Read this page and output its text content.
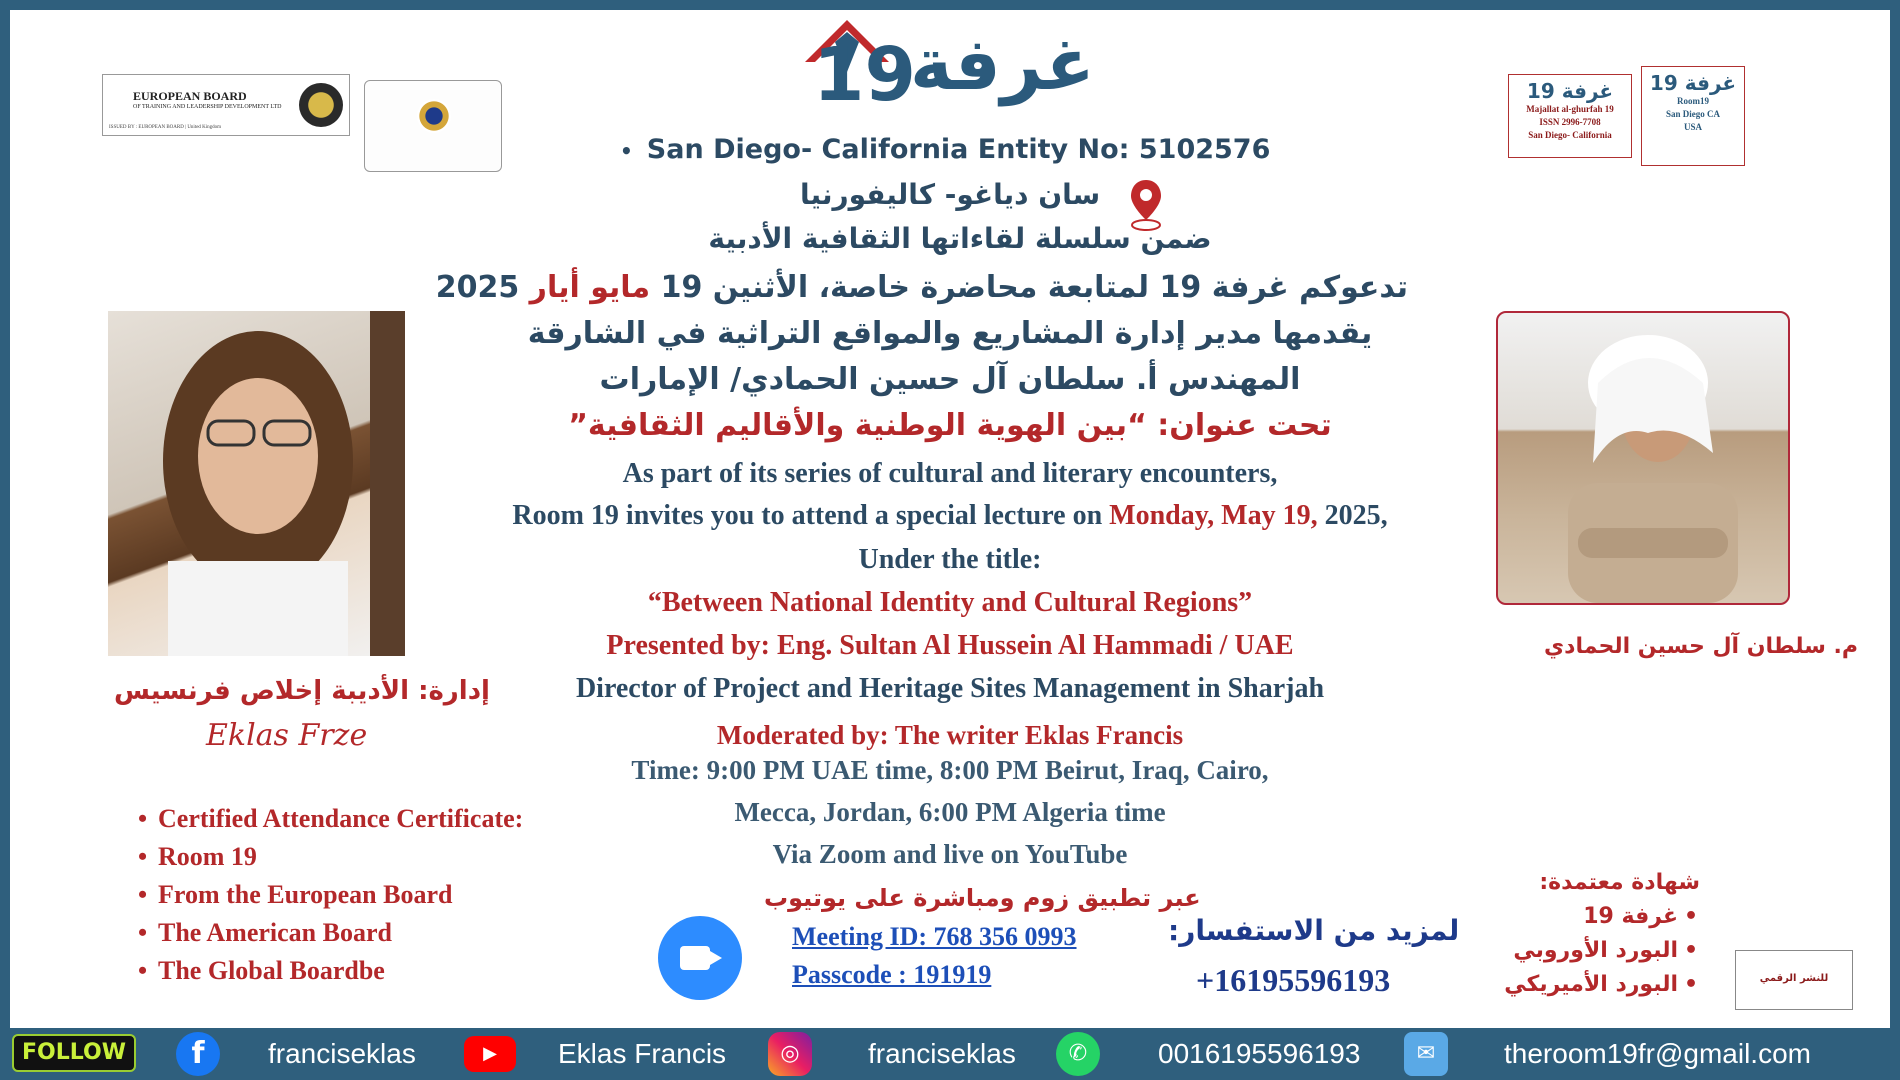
19
غرفة
EUROPEAN BOARD
OF TRAINING AND LEADERSHIP DEVELOPMENT LTD
ISSUED BY : EUROPEAN BOARD | United Kingdom
غرفة 19
Majallat al-ghurfah 19
ISSN 2996-7708
San Diego- California
غرفة 19
Room19
San Diego CA
USA
• San Diego- California Entity No: 5102576
سان دياغو- كاليفورنيا
ضمن سلسلة لقاءاتها الثقافية الأدبية
تدعوكم غرفة 19 لمتابعة محاضرة خاصة، الأثنين 19 مايو أيار 2025
يقدمها مدير إدارة المشاريع والمواقع التراثية في الشارقة
المهندس أ. سلطان آل حسين الحمادي/ الإمارات
تحت عنوان: “بين الهوية الوطنية والأقاليم الثقافية”
As part of its series of cultural and literary encounters,
Room 19 invites you to attend a special lecture on Monday, May 19, 2025,
Under the title:
“Between National Identity and Cultural Regions”
Presented by: Eng. Sultan Al Hussein Al Hammadi / UAE
Director of Project and Heritage Sites Management in Sharjah
Moderated by: The writer Eklas Francis
Time: 9:00 PM UAE time, 8:00 PM Beirut, Iraq, Cairo,
Mecca, Jordan, 6:00 PM Algeria time
Via Zoom and live on YouTube
عبر تطبيق زوم ومباشرة على يوتيوب
Meeting ID: 768 356 0993
Passcode : 191919
لمزيد من الاستفسار:
+16195596193
م. سلطان آل حسين الحمادي
إدارة: الأديبة إخلاص فرنسيس
Eklas Frze
• Certified Attendance Certificate:
• Room 19
• From the European Board
• The American Board
• The Global Boardbe
شهادة معتمدة:
• غرفة 19
• البورد الأوروبي
• البورد الأميريكي	للنشر الرقمي
FOLLOW	f	franciseklas	▶	Eklas Francis	◎	franciseklas	✆	0016195596193	✉	theroom19fr@gmail.com
